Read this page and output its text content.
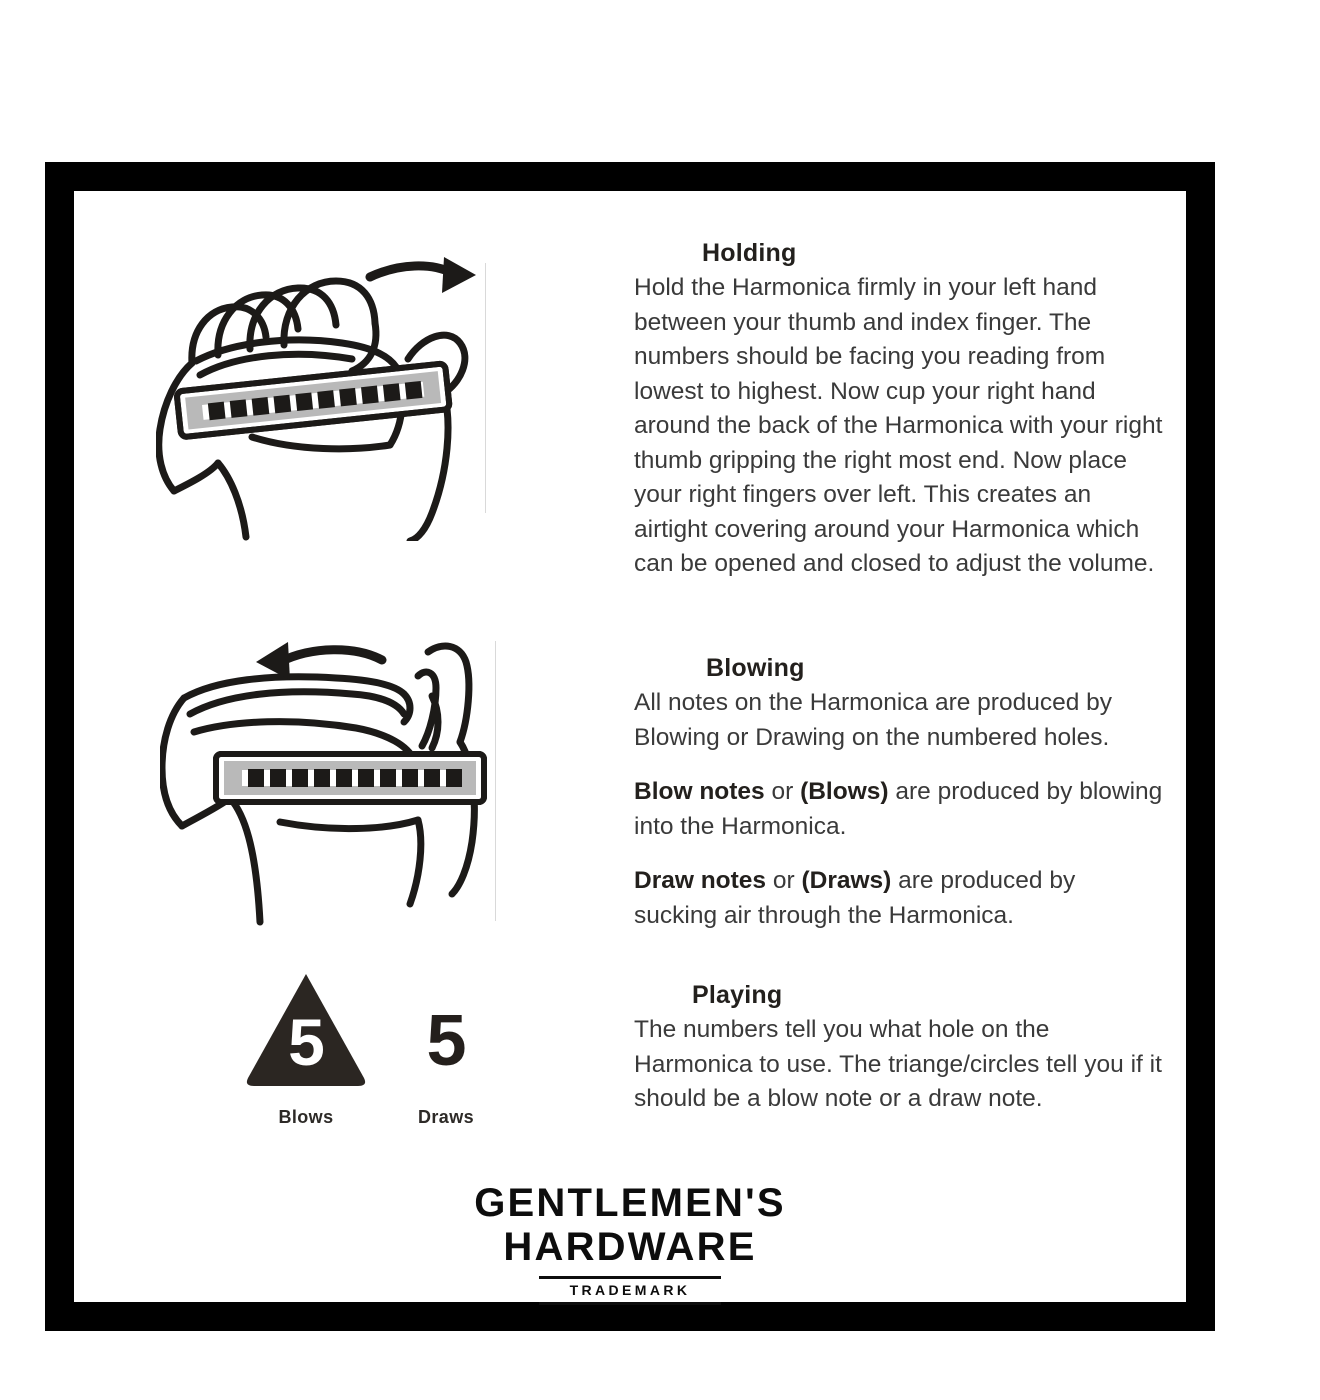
5
Blows
5
Draws
Holding
Hold the Harmonica firmly in your left hand between your thumb and index finger. The numbers should be facing you reading from lowest to highest. Now cup your right hand around the back of the Harmonica with your right thumb gripping the right most end. Now place your right fingers over left. This creates an airtight covering around your Harmonica which can be opened and closed to adjust the volume.
Blowing
All notes on the Harmonica are produced by Blowing or Drawing on the numbered holes.
Blow notes or (Blows) are produced by blowing into the Harmonica.
Draw notes or (Draws) are produced by sucking air through the Harmonica.
Playing
The numbers tell you what hole on the Harmonica to use. The triange/circles tell you if it should be a blow note or a draw note.
GENTLEMEN'S
HARDWARE
TRADEMARK
